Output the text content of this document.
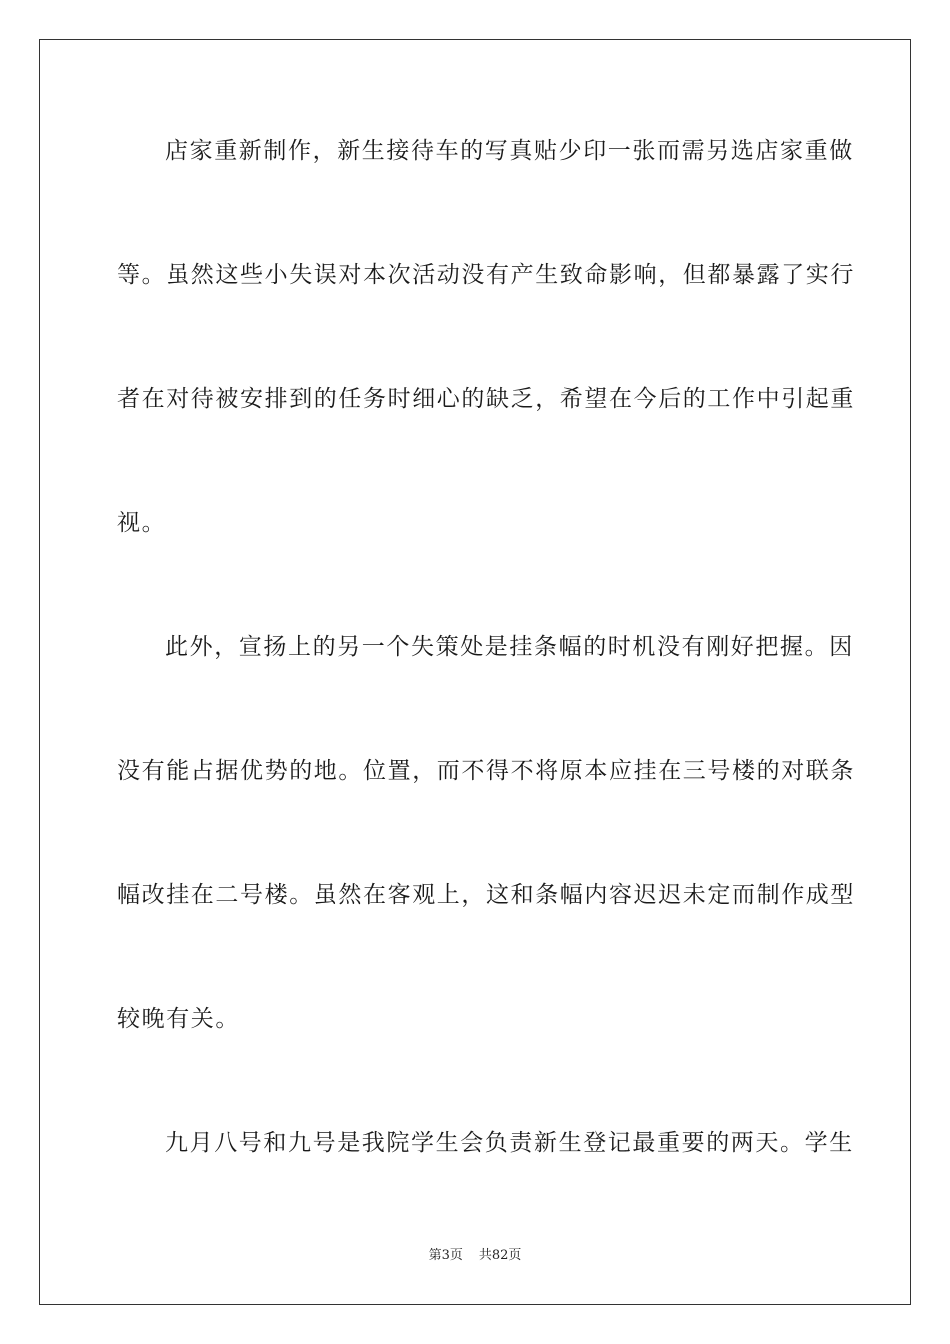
店家重新制作，新生接待车的写真贴少印一张而需另选店家重做
等。虽然这些小失误对本次活动没有产生致命影响，但都暴露了实行
者在对待被安排到的任务时细心的缺乏，希望在今后的工作中引起重
视。
此外，宣扬上的另一个失策处是挂条幅的时机没有刚好把握。因
没有能占据优势的地。位置，而不得不将原本应挂在三号楼的对联条
幅改挂在二号楼。虽然在客观上，这和条幅内容迟迟未定而制作成型
较晚有关。
九月八号和九号是我院学生会负责新生登记最重要的两天。学生
第3页 共82页
